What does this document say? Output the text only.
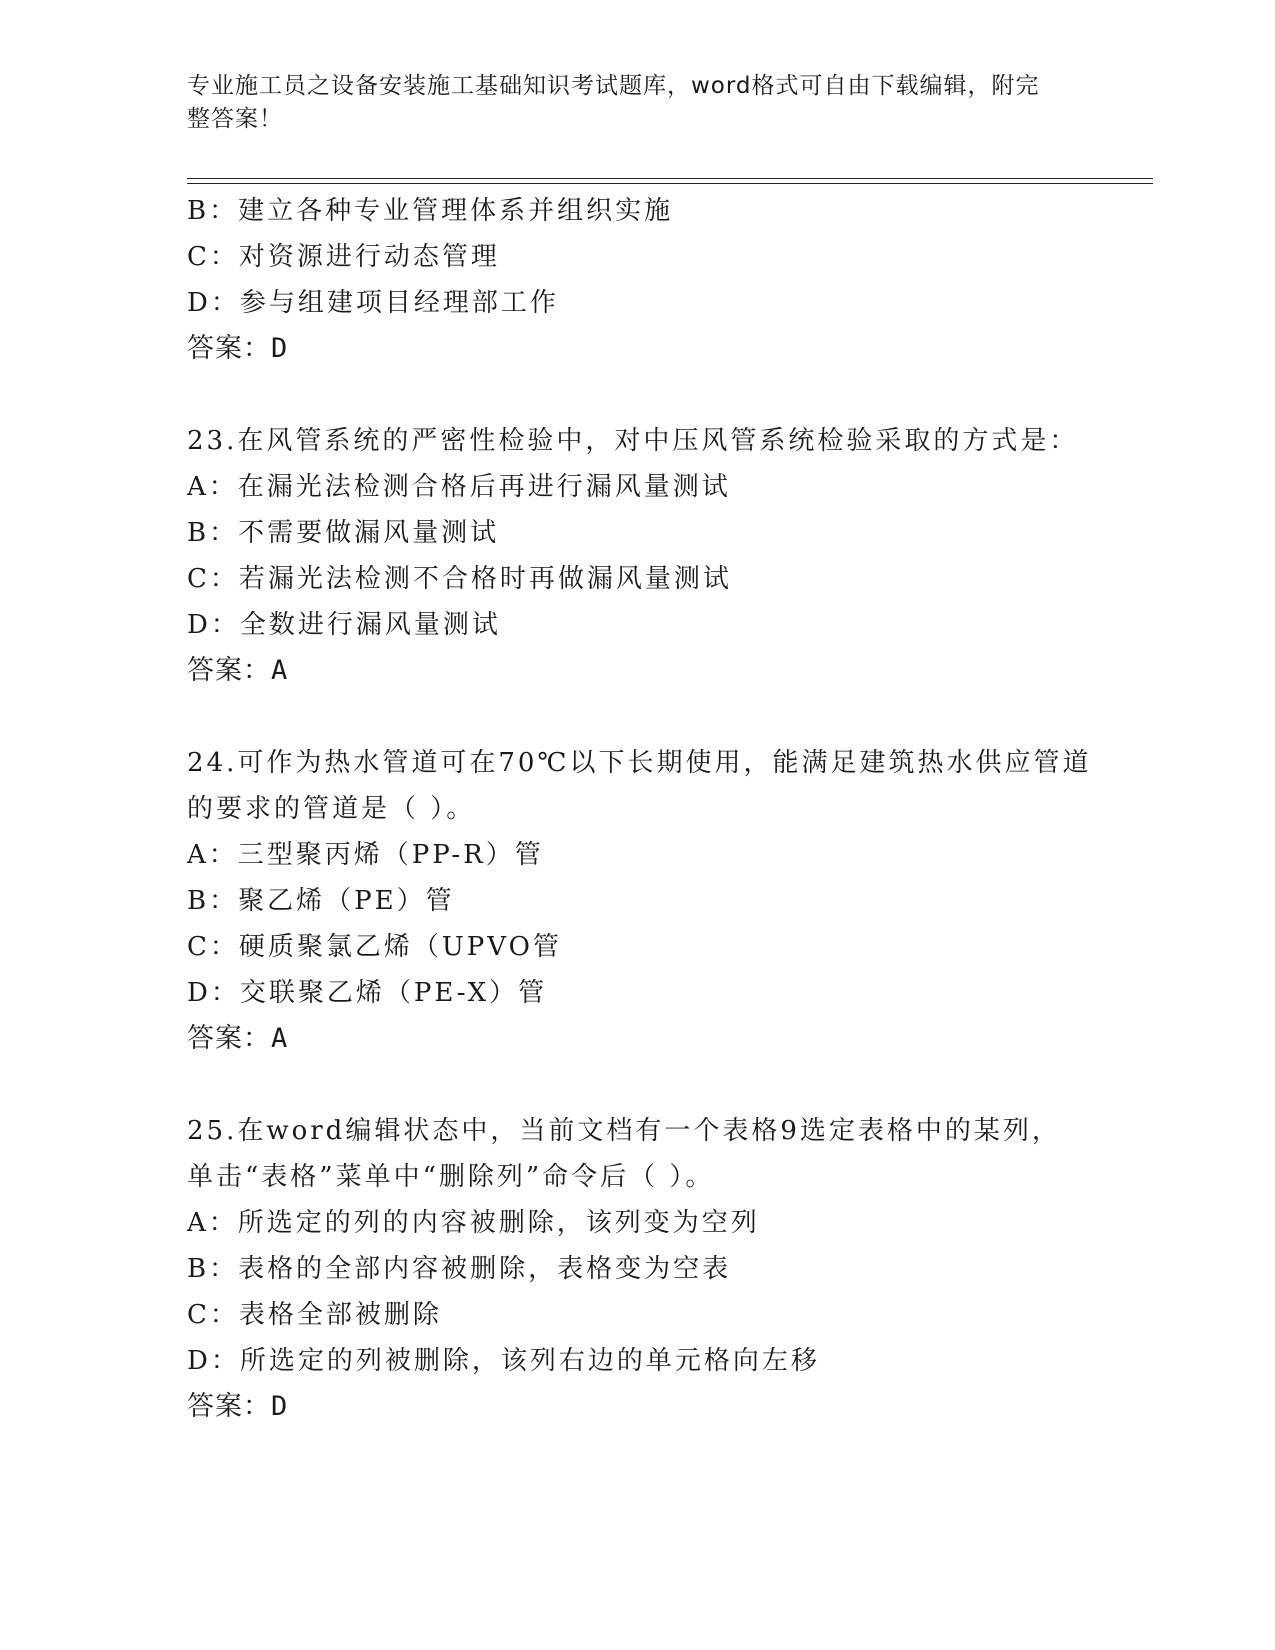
专业施工员之设备安装施工基础知识考试题库，word格式可自由下载编辑，附完
整答案！
B：建立各种专业管理体系并组织实施
C：对资源进行动态管理
D：参与组建项目经理部工作
答案：D
23.在风管系统的严密性检验中，对中压风管系统检验采取的方式是：
A：在漏光法检测合格后再进行漏风量测试
B：不需要做漏风量测试
C：若漏光法检测不合格时再做漏风量测试
D：全数进行漏风量测试
答案：A
24.可作为热水管道可在70℃以下长期使用，能满足建筑热水供应管道
的要求的管道是（ ）。
A：三型聚丙烯（PP-R）管
B：聚乙烯（PE）管
C：硬质聚氯乙烯（UPVO管
D：交联聚乙烯（PE-X）管
答案：A
25.在word编辑状态中，当前文档有一个表格9选定表格中的某列，
单击“表格”菜单中“删除列”命令后（ ）。
A：所选定的列的内容被删除，该列变为空列
B：表格的全部内容被删除，表格变为空表
C：表格全部被删除
D：所选定的列被删除，该列右边的单元格向左移
答案：D
